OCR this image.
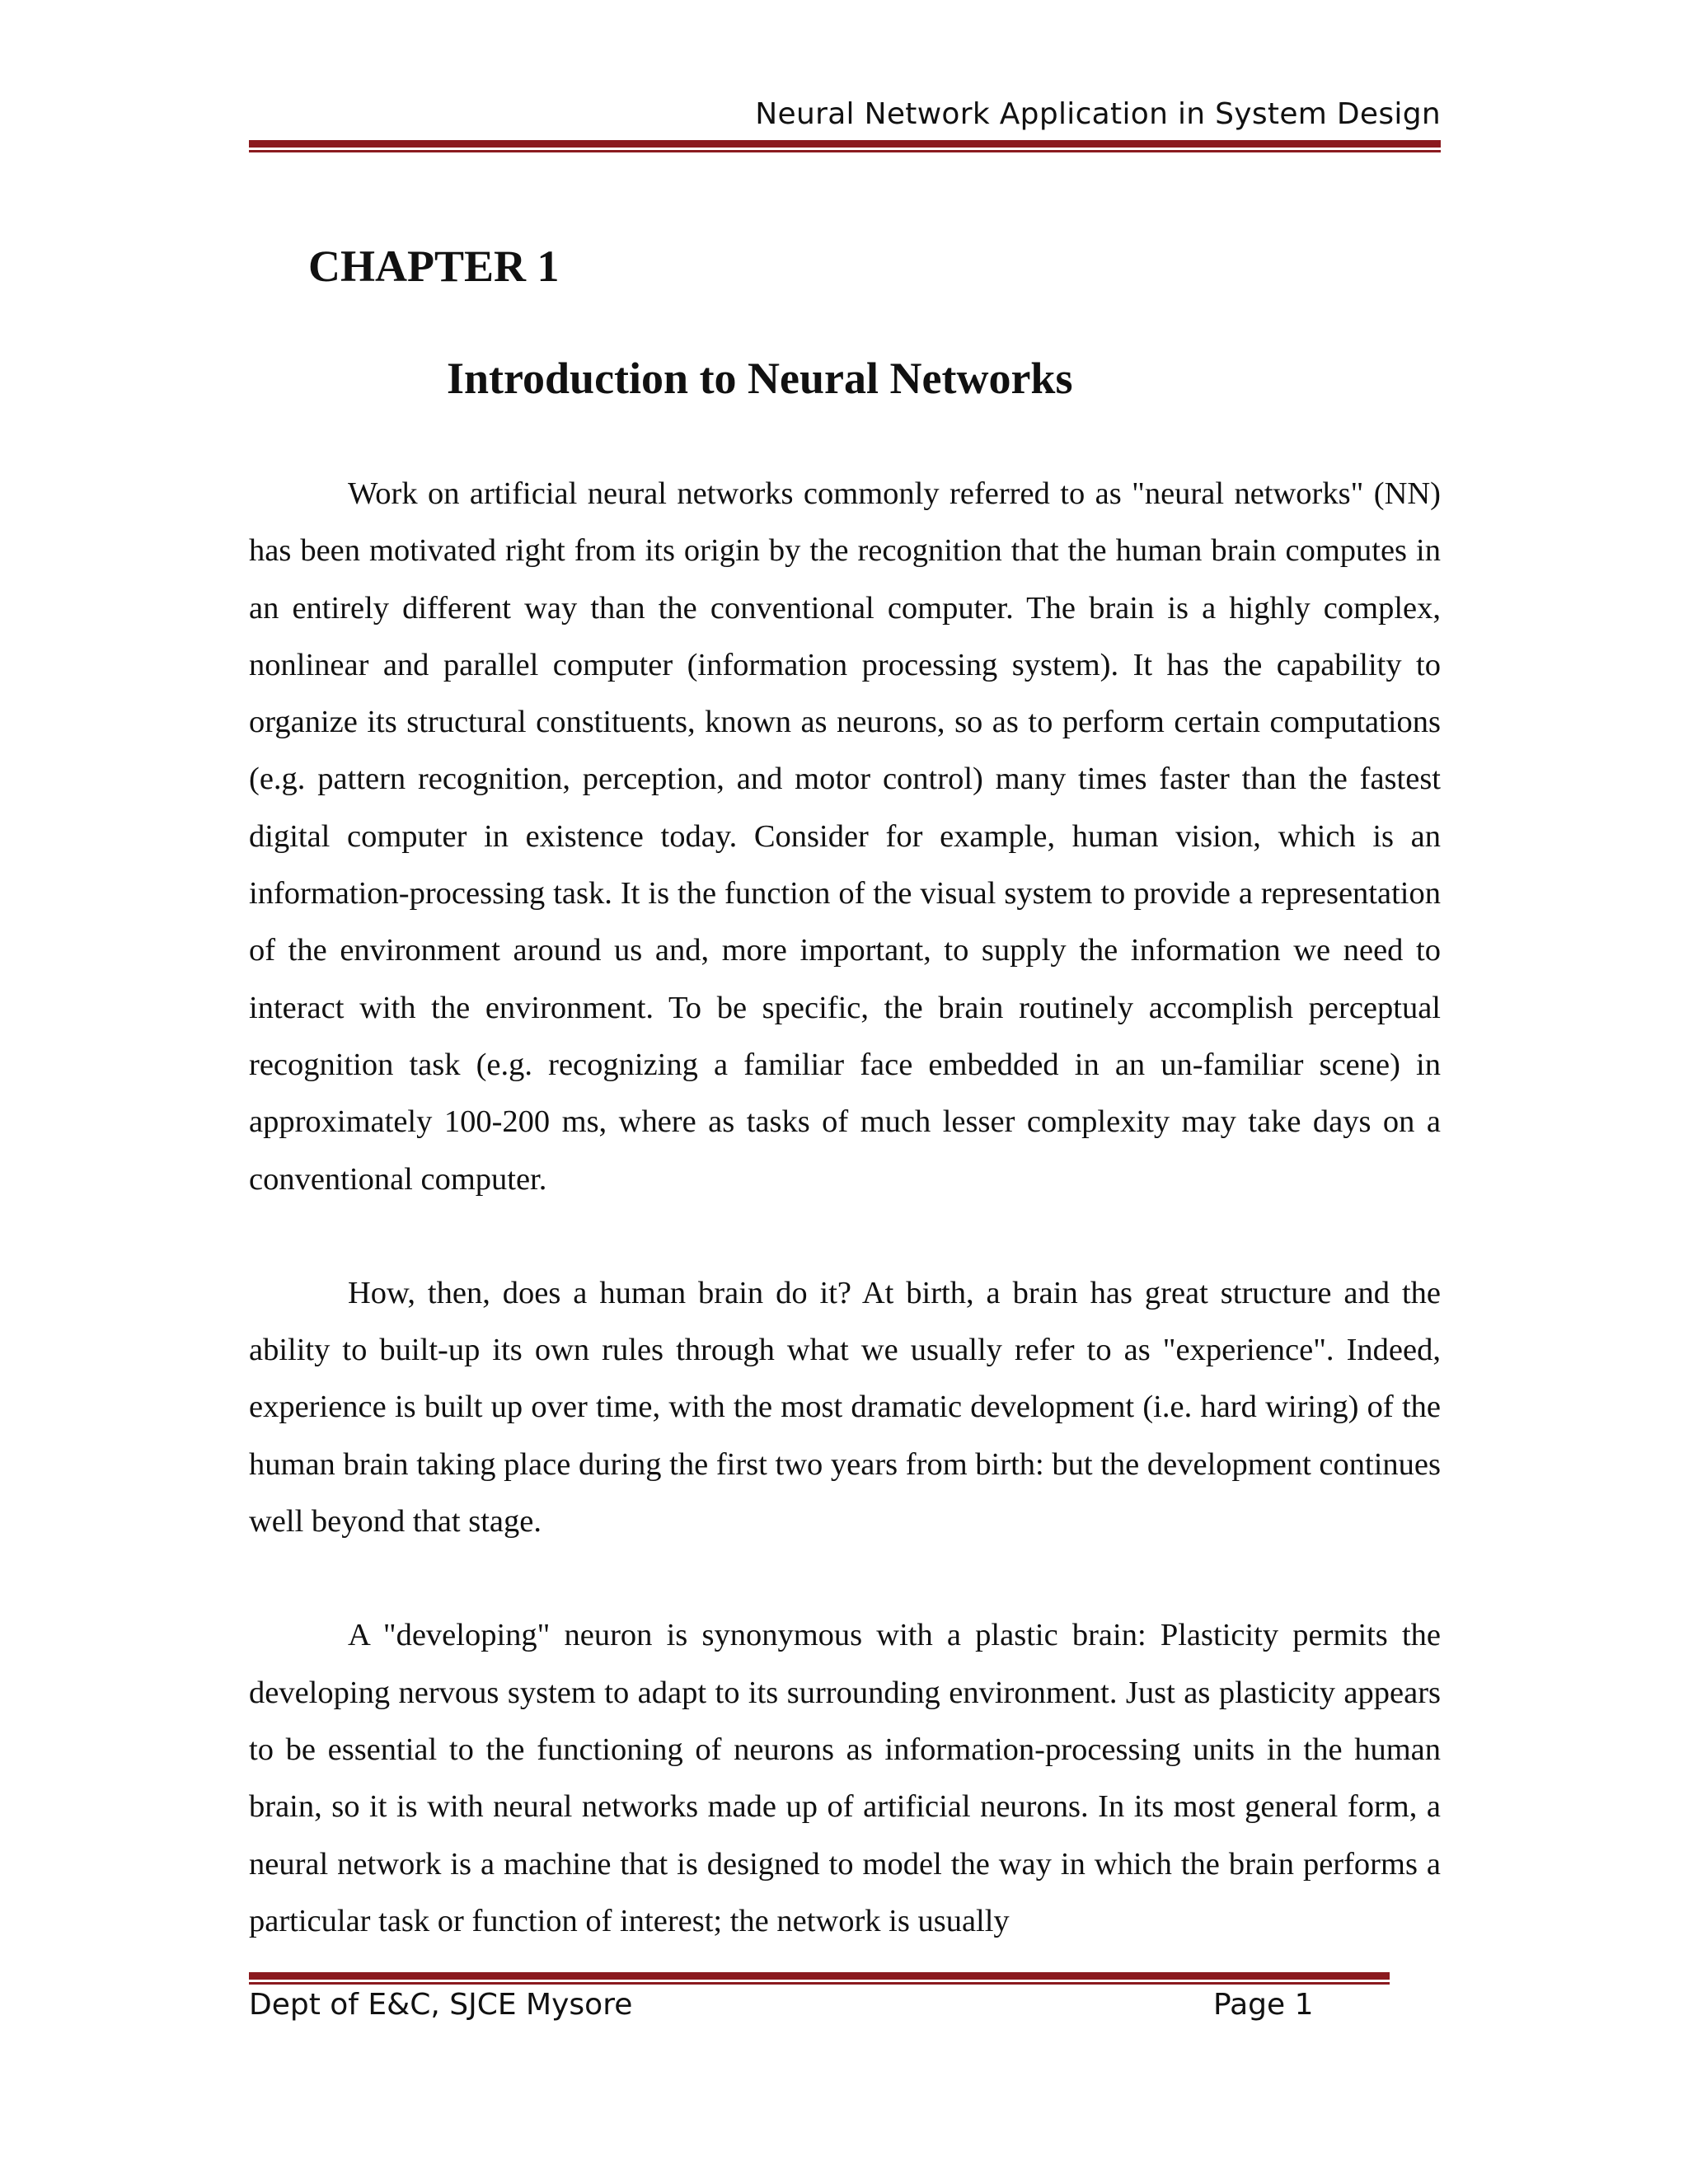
Neural Network Application in System Design
CHAPTER 1
Introduction to Neural Networks

Work on artificial neural networks commonly referred to as "neural networks" (NN) has been motivated right from its origin by the recognition that the human brain computes in an entirely different way than the conventional computer. The brain is a highly complex, nonlinear and parallel computer (information processing system). It has the capability to organize its structural constituents, known as neurons, so as to perform certain computations (e.g. pattern recognition, perception, and motor control) many times faster than the fastest digital computer in existence today. Consider for example, human vision, which is an information-processing task. It is the function of the visual system to provide a representation of the environment around us and, more important, to supply the information we need to interact with the environment. To be specific, the brain routinely accomplish perceptual recognition task (e.g. recognizing a familiar face embedded in an un-familiar scene) in approximately 100-200 ms, where as tasks of much lesser complexity may take days on a conventional computer.

How, then, does a human brain do it? At birth, a brain has great structure and the ability to built-up its own rules through what we usually refer to as "experience". Indeed, experience is built up over time, with the most dramatic development (i.e. hard wiring) of the human brain taking place during the first two years from birth: but the development continues well beyond that stage.

A "developing" neuron is synonymous with a plastic brain: Plasticity permits the developing nervous system to adapt to its surrounding environment. Just as plasticity appears to be essential to the functioning of neurons as information-processing units in the human brain, so it is with neural networks made up of artificial neurons. In its most general form, a neural network is a machine that is designed to model the way in which the brain performs a particular task or function of interest; the network is usually

Dept of E&C, SJCE Mysore	Page 1
